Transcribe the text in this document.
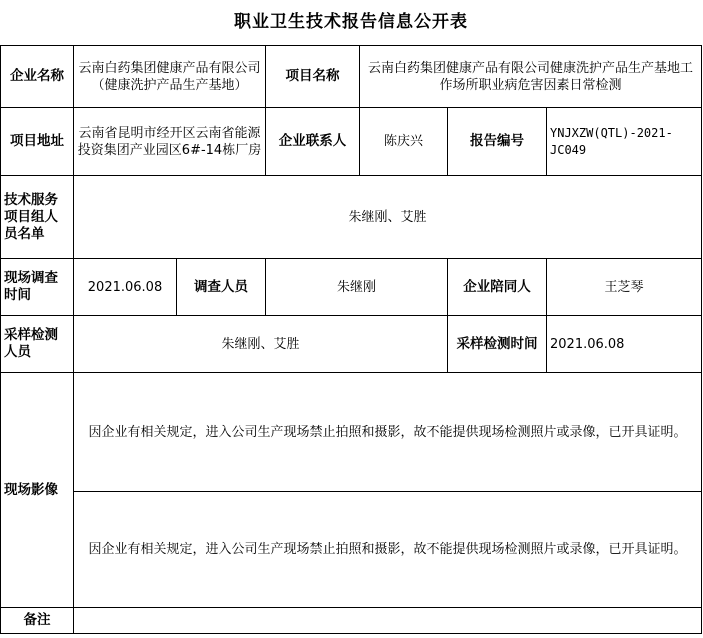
职业卫生技术报告信息公开表						
企业名称	云南白药集团健康产品有限公司（健康洗护产品生产基地）		项目名称	云南白药集团健康产品有限公司健康洗护产品生产基地工作场所职业病危害因素日常检测		
项目地址	云南省昆明市经开区云南省能源投资集团产业园区6#-14栋厂房		企业联系人	陈庆兴	报告编号	YNJXZW(QTL)-2021-JC049
技术服务项目组人员名单	朱继刚、艾胜					
现场调查时间	2021.06.08	调查人员	朱继刚		企业陪同人	王芝琴
采样检测人员	朱继刚、艾胜				采样检测时间	2021.06.08
现场影像	因企业有相关规定，进入公司生产现场禁止拍照和摄影，故不能提供现场检测照片或录像，已开具证明。					
	因企业有相关规定，进入公司生产现场禁止拍照和摄影，故不能提供现场检测照片或录像，已开具证明。					
备注						
